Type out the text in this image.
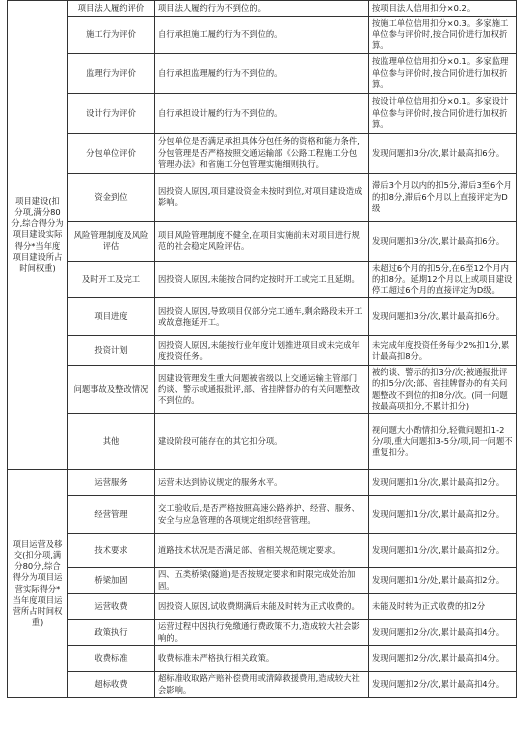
项目建设(扣分项,满分80分,综合得分为项目建设实际得分*当年度项目建设所占时间权重)	项目法人履约评价	项目法人履约行为不到位的。	按项目法人信用扣分×0.2。
	施工行为评价	自行承担施工履约行为不到位的。	按施工单位信用扣分×0.3。多家施工单位参与评价时,按合同价进行加权折算。
	监理行为评价	自行承担监理履约行为不到位的。	按监理单位信用扣分×0.1。多家监理单位参与评价时,按合同价进行加权折算。
	设计行为评价	自行承担设计履约行为不到位的。	按设计单位信用扣分×0.1。多家设计单位参与评价时,按合同价进行加权折算。
	分包单位评价	分包单位是否满足承担具体分包任务的资格和能力条件,分包管理是否严格按照交通运输部《公路工程施工分包管理办法》和省施工分包管理实施细则执行。	发现问题扣3分/次,累计最高扣6分。
	资金到位	因投资人原因,项目建设资金未按时到位,对项目建设造成影响。	滞后3个月以内的扣5分,滞后3至6个月的扣8分,滞后6个月以上直接评定为D级
	风险管理制度及风险评估	项目风险管理制度不健全,在项目实施前未对项目进行规范的社会稳定风险评估。	发现问题扣3分/次,累计最高扣6分。
	及时开工及完工	因投资人原因,未能按合同约定按时开工或完工且延期。	未超过6个月的扣5分,在6至12个月内的扣8分。延期12个月以上或项目建设停工超过6个月的直接评定为D级。
	项目进度	因投资人原因,导致项目仅部分完工通车,剩余路段未开工或故意拖延开工。	发现问题扣3分/次,累计最高扣6分。
	投资计划	因投资人原因,未能按行业年度计划推进项目或未完成年度投资任务。	未完成年度投资任务每少2%扣1分,累计最高扣8分。
	问题事故及整改情况	因建设管理发生重大问题被省级以上交通运输主管部门约谈、警示或通报批评,部、省挂牌督办的有关问题整改不到位的。	被约谈、警示的扣3分/次;被通报批评的扣5分/次;部、省挂牌督办的有关问题整改不到位的扣8分/次。(同一问题按最高项扣分,不累计扣分)
	其他	建设阶段可能存在的其它扣分项。	视问题大小酌情扣分,轻微问题扣1-2分/项,重大问题扣3-5分/项,同一问题不重复扣分。
项目运营及移交(扣分项,满分80分,综合得分为项目运营实际得分*当年度项目运营所占时间权重)	运营服务	运营未达到协议规定的服务水平。	发现问题扣1分/次,累计最高扣2分。
	经营管理	交工验收后,是否严格按照高速公路养护、经营、服务、安全与应急管理的各项规定组织经营管理。	发现问题扣1分/次,累计最高扣2分。
	技术要求	道路技术状况是否满足部、省相关规范规定要求。	发现问题扣1分/次,累计最高扣2分。
	桥梁加固	四、五类桥梁(隧道)是否按规定要求和时限完成处治加固。	发现问题扣1分/处,累计最高扣2分。
	运营收费	因投资人原因,试收费期满后未能及时转为正式收费的。	未能及时转为正式收费的扣2分
	政策执行	运营过程中因执行免缴通行费政策不力,造成较大社会影响的。	发现问题扣2分/次,累计最高扣4分。
	收费标准	收费标准未严格执行相关政策。	发现问题扣2分/次,累计最高扣4分。
	超标收费	超标准收取路产赔补偿费用或清障救援费用,造成较大社会影响。	发现问题扣2分/次,累计最高扣4分。
